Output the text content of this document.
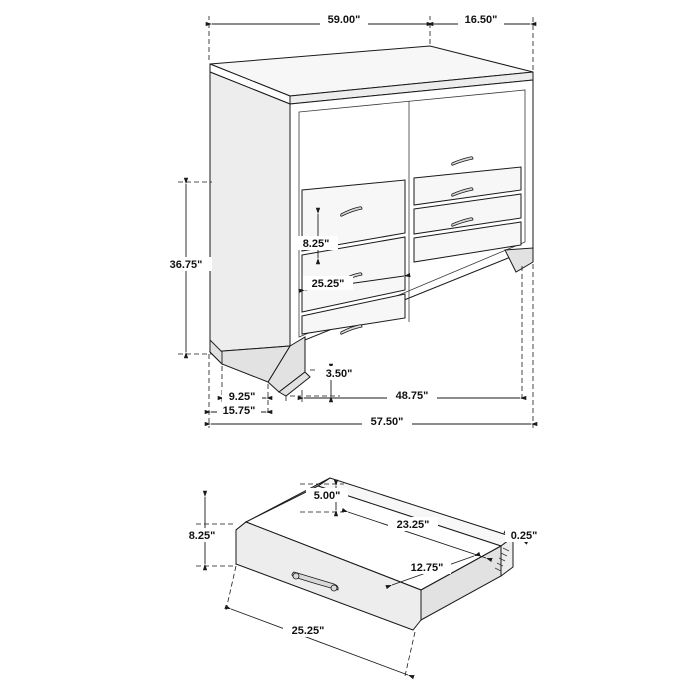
59.00"	16.50"
36.75"
8.25"
25.25"
3.50"
9.25"	48.75"
15.75"
57.50"
5.00"
23.25"
8.25"	0.25"
12.75"
25.25"
